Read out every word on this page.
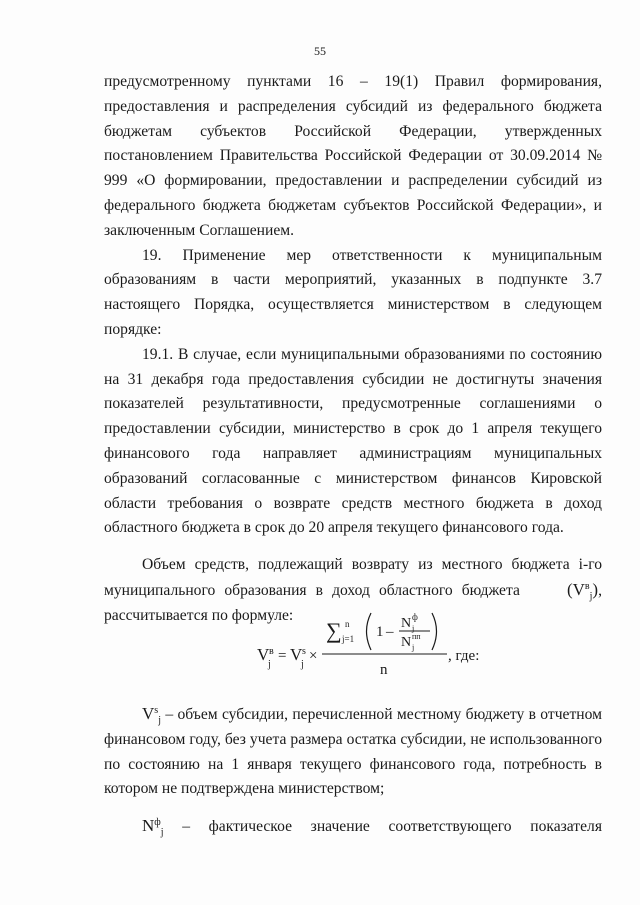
55

предусмотренному пунктами 16 – 19(1) Правил формирования, предоставления и распределения субсидий из федерального бюджета бюджетам субъектов Российской Федерации, утвержденных постановлением Правительства Российской Федерации от 30.09.2014 № 999 «О формировании, предоставлении и распределении субсидий из федерального бюджета бюджетам субъектов Российской Федерации», и заключенным Соглашением.

19. Применение мер ответственности к муниципальным образованиям в части мероприятий, указанных в подпункте 3.7 настоящего Порядка, осуществляется министерством в следующем порядке:

19.1. В случае, если муниципальными образованиями по состоянию на 31 декабря года предоставления субсидии не достигнуты значения показателей результативности, предусмотренные соглашениями о предоставлении субсидии, министерство в срок до 1 апреля текущего финансового года направляет администрациям муниципальных образований согласованные с министерством финансов Кировской области требования о возврате средств местного бюджета в доход областного бюджета в срок до 20 апреля текущего финансового года.

Объем средств, подлежащий возврату из местного бюджета i-го муниципального образования в доход областного бюджета	$(V^в_j)$, рассчитывается по формуле:

V в
j
= V s
j
×
∑ n
j=1 1 –
N ф
j
N пп
j
n
, где:

$V^s_j$ – объем субсидии, перечисленной местному бюджету в отчетном финансовом году, без учета размера остатка субсидии, не использованного по состоянию на 1 января текущего финансового года, потребность в котором не подтверждена министерством;

$N^ф_j$ – фактическое значение соответствующего показателя
